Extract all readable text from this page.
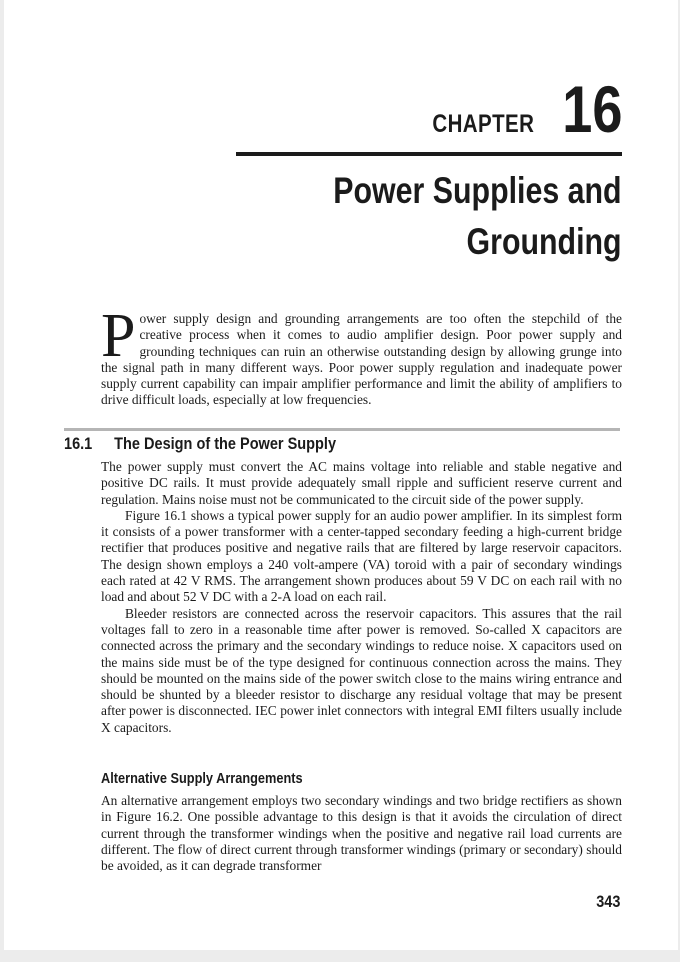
CHAPTER 16
Power Supplies and
Grounding
Power supply design and grounding arrangements are too often the stepchild of the creative process when it comes to audio amplifier design. Poor power supply and grounding techniques can ruin an otherwise outstanding design by allowing grunge into the signal path in many different ways. Poor power supply regulation and inadequate power supply current capability can impair amplifier performance and limit the ability of amplifiers to drive difficult loads, especially at low frequencies.
16.1 The Design of the Power Supply

The power supply must convert the AC mains voltage into reliable and stable negative and positive DC rails. It must provide adequately small ripple and sufficient reserve current and regulation. Mains noise must not be communicated to the circuit side of the power supply.

Figure 16.1 shows a typical power supply for an audio power amplifier. In its simplest form it consists of a power transformer with a center-tapped secondary feeding a high-current bridge rectifier that produces positive and negative rails that are filtered by large reservoir capacitors. The design shown employs a 240 volt-ampere (VA) toroid with a pair of secondary windings each rated at 42 V RMS. The arrangement shown produces about 59 V DC on each rail with no load and about 52 V DC with a 2-A load on each rail.

Bleeder resistors are connected across the reservoir capacitors. This assures that the rail voltages fall to zero in a reasonable time after power is removed. So-called X capacitors are connected across the primary and the secondary windings to reduce noise. X capacitors used on the mains side must be of the type designed for continuous connection across the mains. They should be mounted on the mains side of the power switch close to the mains wiring entrance and should be shunted by a bleeder resistor to discharge any residual voltage that may be present after power is disconnected. IEC power inlet connectors with integral EMI filters usually include X capacitors.

Alternative Supply Arrangements

An alternative arrangement employs two secondary windings and two bridge rectifiers as shown in Figure 16.2. One possible advantage to this design is that it avoids the circulation of direct current through the transformer windings when the positive and negative rail load currents are different. The flow of direct current through transformer windings (primary or secondary) should be avoided, as it can degrade transformer

343
